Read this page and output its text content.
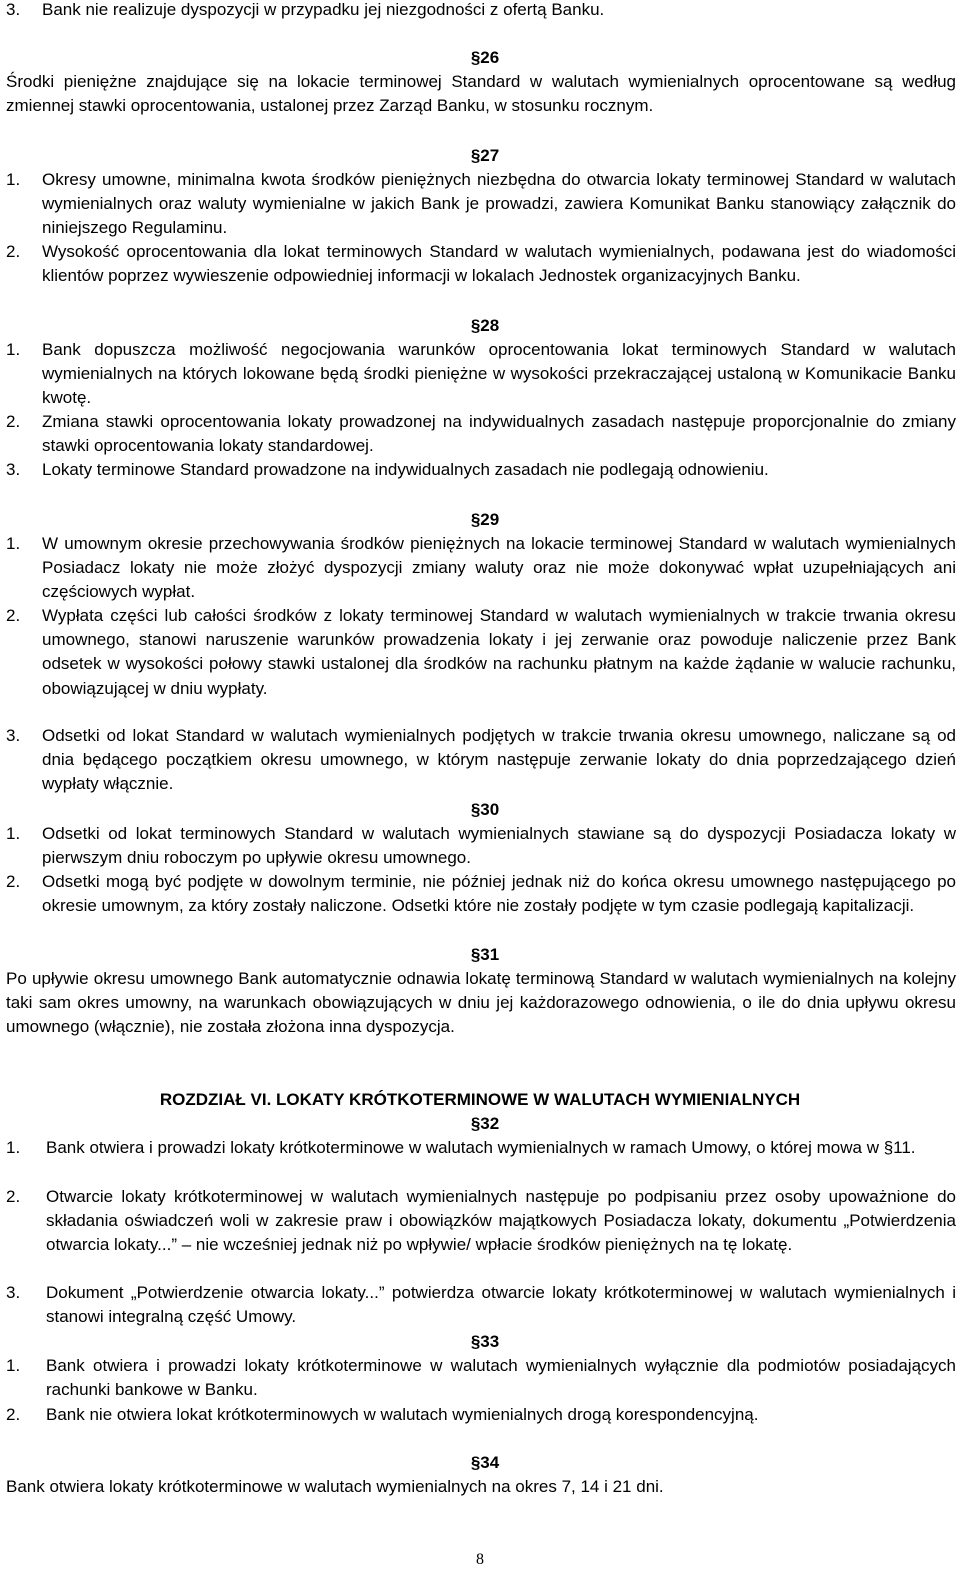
3. Bank nie realizuje dyspozycji w przypadku jej niezgodności z ofertą Banku.
§26
Środki pieniężne znajdujące się na lokacie terminowej Standard w walutach wymienialnych oprocentowane są według zmiennej stawki oprocentowania, ustalonej przez Zarząd Banku, w stosunku rocznym.
§27
1. Okresy umowne, minimalna kwota środków pieniężnych niezbędna do otwarcia lokaty terminowej Standard w walutach wymienialnych oraz waluty wymienialne w jakich Bank je prowadzi, zawiera Komunikat Banku stanowiący załącznik do niniejszego Regulaminu.
2. Wysokość oprocentowania dla lokat terminowych Standard w walutach wymienialnych, podawana jest do wiadomości klientów poprzez wywieszenie odpowiedniej informacji w lokalach Jednostek organizacyjnych Banku.
§28
1. Bank dopuszcza możliwość negocjowania warunków oprocentowania lokat terminowych Standard w walutach wymienialnych na których lokowane będą środki pieniężne w wysokości przekraczającej ustaloną w Komunikacie Banku kwotę.
2. Zmiana stawki oprocentowania lokaty prowadzonej na indywidualnych zasadach następuje proporcjonalnie do zmiany stawki oprocentowania lokaty standardowej.
3. Lokaty terminowe Standard prowadzone na indywidualnych zasadach nie podlegają odnowieniu.
§29
1. W umownym okresie przechowywania środków pieniężnych na lokacie terminowej Standard w walutach wymienialnych Posiadacz lokaty nie może złożyć dyspozycji zmiany waluty oraz nie może dokonywać wpłat uzupełniających ani częściowych wypłat.
2. Wypłata części lub całości środków z lokaty terminowej Standard w walutach wymienialnych w trakcie trwania okresu umownego, stanowi naruszenie warunków prowadzenia lokaty i jej zerwanie oraz powoduje naliczenie przez Bank odsetek w wysokości połowy stawki ustalonej dla środków na rachunku płatnym na każde żądanie w walucie rachunku, obowiązującej w dniu wypłaty.
3. Odsetki od lokat Standard w walutach wymienialnych podjętych w trakcie trwania okresu umownego, naliczane są od dnia będącego początkiem okresu umownego, w którym następuje zerwanie lokaty do dnia poprzedzającego dzień wypłaty włącznie.
§30
1. Odsetki od lokat terminowych Standard w walutach wymienialnych stawiane są do dyspozycji Posiadacza lokaty w pierwszym dniu roboczym po upływie okresu umownego.
2. Odsetki mogą być podjęte w dowolnym terminie, nie później jednak niż do końca okresu umownego następującego po okresie umownym, za który zostały naliczone. Odsetki które nie zostały podjęte w tym czasie podlegają kapitalizacji.
§31
Po upływie okresu umownego Bank automatycznie odnawia lokatę terminową Standard w walutach wymienialnych na kolejny taki sam okres umowny, na warunkach obowiązujących w dniu jej każdorazowego odnowienia, o ile do dnia upływu okresu umownego (włącznie), nie została złożona inna dyspozycja.
ROZDZIAŁ VI. LOKATY KRÓTKOTERMINOWE W WALUTACH WYMIENIALNYCH
§32
1. Bank otwiera i prowadzi lokaty krótkoterminowe w walutach wymienialnych w ramach Umowy, o której mowa w §11.
2. Otwarcie lokaty krótkoterminowej w walutach wymienialnych następuje po podpisaniu przez osoby upoważnione do składania oświadczeń woli w zakresie praw i obowiązków majątkowych Posiadacza lokaty, dokumentu „Potwierdzenia otwarcia lokaty...” – nie wcześniej jednak niż po wpływie/ wpłacie środków pieniężnych na tę lokatę.
3. Dokument „Potwierdzenie otwarcia lokaty...” potwierdza otwarcie lokaty krótkoterminowej w walutach wymienialnych i stanowi integralną część Umowy.
§33
1. Bank otwiera i prowadzi lokaty krótkoterminowe w walutach wymienialnych wyłącznie dla podmiotów posiadających rachunki bankowe w Banku.
2. Bank nie otwiera lokat krótkoterminowych w walutach wymienialnych drogą korespondencyjną.
§34
Bank otwiera lokaty krótkoterminowe w walutach wymienialnych na okres 7, 14 i 21 dni.
8
